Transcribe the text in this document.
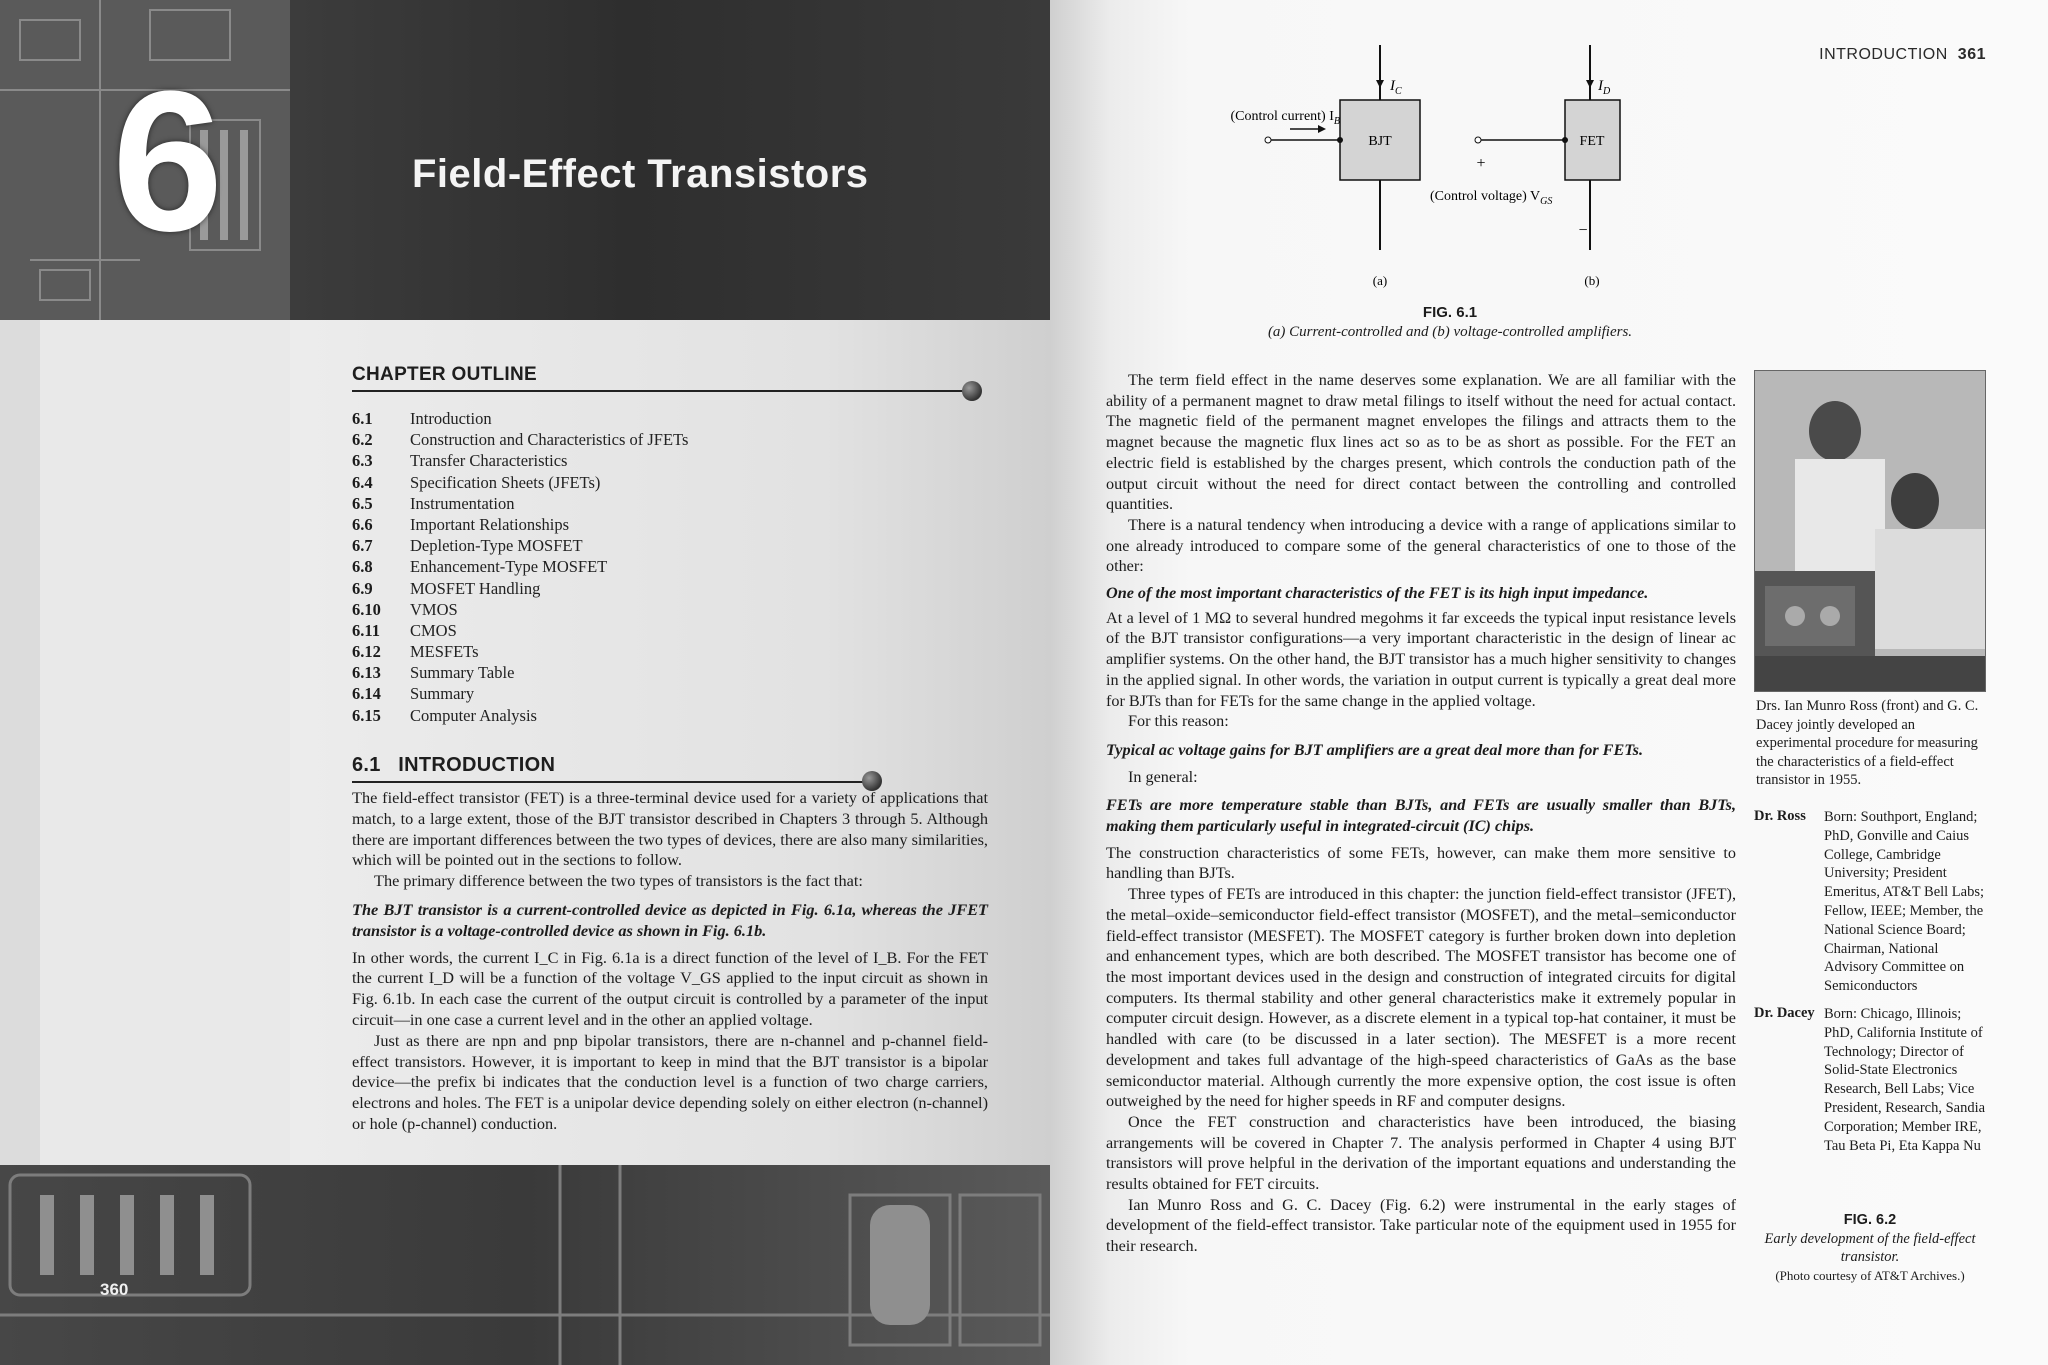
6	Field-Effect Transistors
CHAPTER OUTLINE
6.1	Introduction
6.2	Construction and Characteristics of JFETs
6.3	Transfer Characteristics
6.4	Specification Sheets (JFETs)
6.5	Instrumentation
6.6	Important Relationships
6.7	Depletion-Type MOSFET
6.8	Enhancement-Type MOSFET
6.9	MOSFET Handling
6.10	VMOS
6.11	CMOS
6.12	MESFETs
6.13	Summary Table
6.14	Summary
6.15	Computer Analysis
6.1 INTRODUCTION

The field-effect transistor (FET) is a three-terminal device used for a variety of applications that match, to a large extent, those of the BJT transistor described in Chapters 3 through 5. Although there are important differences between the two types of devices, there are also many similarities, which will be pointed out in the sections to follow.

The primary difference between the two types of transistors is the fact that:

The BJT transistor is a current-controlled device as depicted in Fig. 6.1a, whereas the JFET transistor is a voltage-controlled device as shown in Fig. 6.1b.

In other words, the current I_C in Fig. 6.1a is a direct function of the level of I_B. For the FET the current I_D will be a function of the voltage V_GS applied to the input circuit as shown in Fig. 6.1b. In each case the current of the output circuit is controlled by a parameter of the input circuit—in one case a current level and in the other an applied voltage.

Just as there are npn and pnp bipolar transistors, there are n-channel and p-channel field-effect transistors. However, it is important to keep in mind that the BJT transistor is a bipolar device—the prefix bi indicates that the conduction level is a function of two charge carriers, electrons and holes. The FET is a unipolar device depending solely on either electron (n-channel) or hole (p-channel) conduction.

360
INTRODUCTION 361
$I_C$
BJT
(Control current) $I_B$
(a)
$I_D$
FET
+
−
(Control voltage) $V_{GS}$
(b)
FIG. 6.1
(a) Current-controlled and (b) voltage-controlled amplifiers.

The term field effect in the name deserves some explanation. We are all familiar with the ability of a permanent magnet to draw metal filings to itself without the need for actual contact. The magnetic field of the permanent magnet envelopes the filings and attracts them to the magnet because the magnetic flux lines act so as to be as short as possible. For the FET an electric field is established by the charges present, which controls the conduction path of the output circuit without the need for direct contact between the controlling and controlled quantities.

There is a natural tendency when introducing a device with a range of applications similar to one already introduced to compare some of the general characteristics of one to those of the other:

One of the most important characteristics of the FET is its high input impedance.

At a level of 1 MΩ to several hundred megohms it far exceeds the typical input resistance levels of the BJT transistor configurations—a very important characteristic in the design of linear ac amplifier systems. On the other hand, the BJT transistor has a much higher sensitivity to changes in the applied signal. In other words, the variation in output current is typically a great deal more for BJTs than for FETs for the same change in the applied voltage.

For this reason:

Typical ac voltage gains for BJT amplifiers are a great deal more than for FETs.

In general:

FETs are more temperature stable than BJTs, and FETs are usually smaller than BJTs, making them particularly useful in integrated-circuit (IC) chips.

The construction characteristics of some FETs, however, can make them more sensitive to handling than BJTs.

Three types of FETs are introduced in this chapter: the junction field-effect transistor (JFET), the metal–oxide–semiconductor field-effect transistor (MOSFET), and the metal–semiconductor field-effect transistor (MESFET). The MOSFET category is further broken down into depletion and enhancement types, which are both described. The MOSFET transistor has become one of the most important devices used in the design and construction of integrated circuits for digital computers. Its thermal stability and other general characteristics make it extremely popular in computer circuit design. However, as a discrete element in a typical top-hat container, it must be handled with care (to be discussed in a later section). The MESFET is a more recent development and takes full advantage of the high-speed characteristics of GaAs as the base semiconductor material. Although currently the more expensive option, the cost issue is often outweighed by the need for higher speeds in RF and computer designs.

Once the FET construction and characteristics have been introduced, the biasing arrangements will be covered in Chapter 7. The analysis performed in Chapter 4 using BJT transistors will prove helpful in the derivation of the important equations and understanding the results obtained for FET circuits.

Ian Munro Ross and G. C. Dacey (Fig. 6.2) were instrumental in the early stages of development of the field-effect transistor. Take particular note of the equipment used in 1955 for their research.

Drs. Ian Munro Ross (front) and G. C. Dacey jointly developed an experimental procedure for measuring the characteristics of a field-effect transistor in 1955.
Dr. Ross Born: Southport, England; PhD, Gonville and Caius College, Cambridge University; President Emeritus, AT&T Bell Labs; Fellow, IEEE; Member, the National Science Board; Chairman, National Advisory Committee on Semiconductors
Dr. Dacey Born: Chicago, Illinois; PhD, California Institute of Technology; Director of Solid-State Electronics Research, Bell Labs; Vice President, Research, Sandia Corporation; Member IRE, Tau Beta Pi, Eta Kappa Nu
FIG. 6.2
Early development of the field-effect transistor.
(Photo courtesy of AT&T Archives.)
